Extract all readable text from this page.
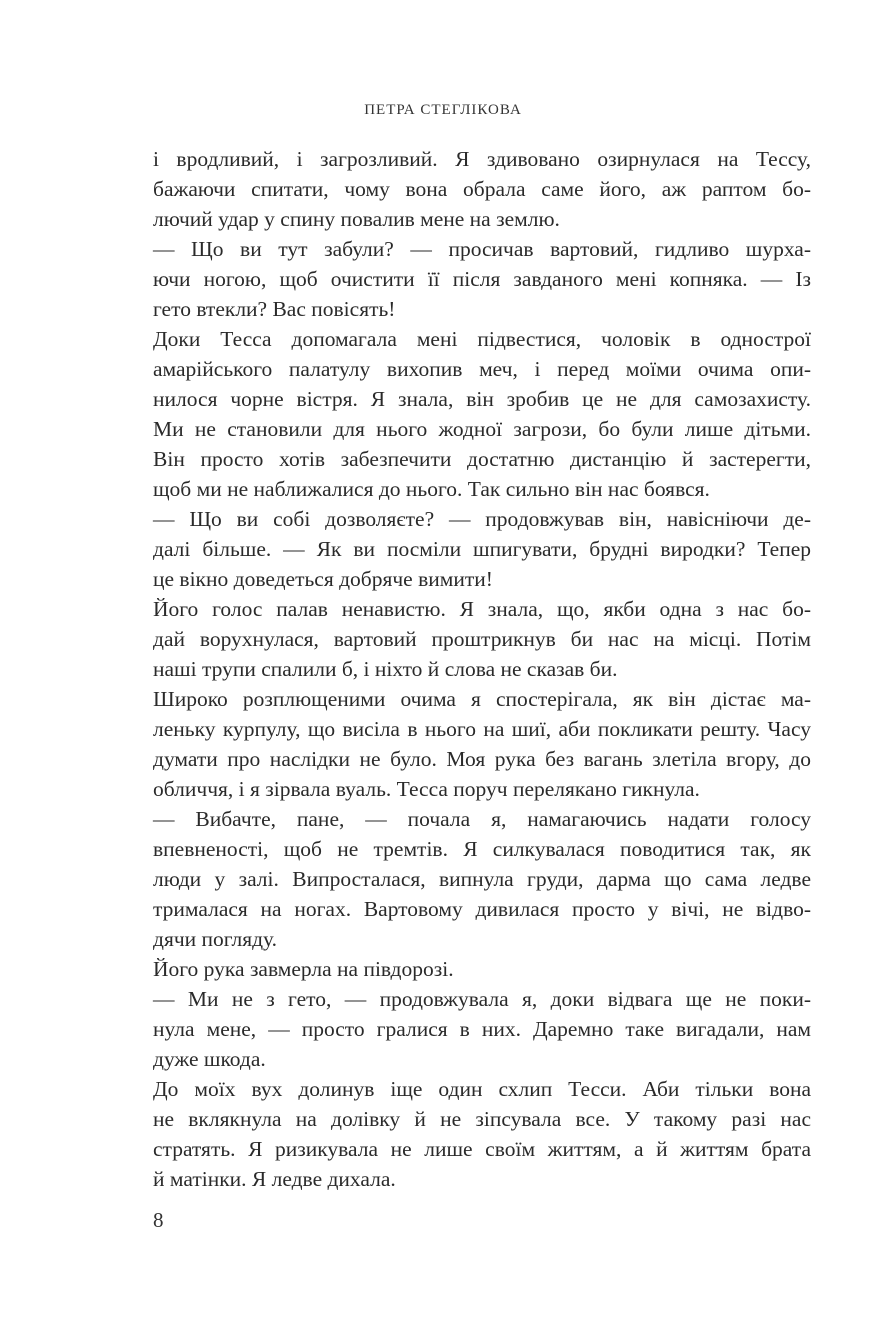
ПЕТРА СТЕГЛІКОВА
і вродливий, і загрозливий. Я здивовано озирнулася на Тессу,
бажаючи спитати, чому вона обрала саме його, аж раптом бо-
лючий удар у спину повалив мене на землю.
— Що ви тут забули? — просичав вартовий, гидливо шурха-
ючи ногою, щоб очистити її після завданого мені копняка. — Із
гето втекли? Вас повісять!
Доки Тесса допомагала мені підвестися, чоловік в однострої
амарійського палатулу вихопив меч, і перед моїми очима опи-
нилося чорне вістря. Я знала, він зробив це не для самозахисту.
Ми не становили для нього жодної загрози, бо були лише дітьми.
Він просто хотів забезпечити достатню дистанцію й застерегти,
щоб ми не наближалися до нього. Так сильно він нас боявся.
— Що ви собі дозволяєте? — продовжував він, навісніючи де-
далі більше. — Як ви посміли шпигувати, брудні виродки? Тепер
це вікно доведеться добряче вимити!
Його голос палав ненавистю. Я знала, що, якби одна з нас бо-
дай ворухнулася, вартовий проштрикнув би нас на місці. Потім
наші трупи спалили б, і ніхто й слова не сказав би.
Широко розплющеними очима я спостерігала, як він дістає ма-
леньку курпулу, що висіла в нього на шиї, аби покликати решту. Часу
думати про наслідки не було. Моя рука без вагань злетіла вгору, до
обличчя, і я зірвала вуаль. Тесса поруч перелякано гикнула.
— Вибачте, пане, — почала я, намагаючись надати голосу
впевненості, щоб не тремтів. Я силкувалася поводитися так, як
люди у залі. Випросталася, випнула груди, дарма що сама ледве
трималася на ногах. Вартовому дивилася просто у вічі, не відво-
дячи погляду.
Його рука завмерла на півдорозі.
— Ми не з гето, — продовжувала я, доки відвага ще не поки-
нула мене, — просто гралися в них. Даремно таке вигадали, нам
дуже шкода.
До моїх вух долинув іще один схлип Тесси. Аби тільки вона
не вклякнула на долівку й не зіпсувала все. У такому разі нас
стратять. Я ризикувала не лише своїм життям, а й життям брата
й матінки. Я ледве дихала.
8
